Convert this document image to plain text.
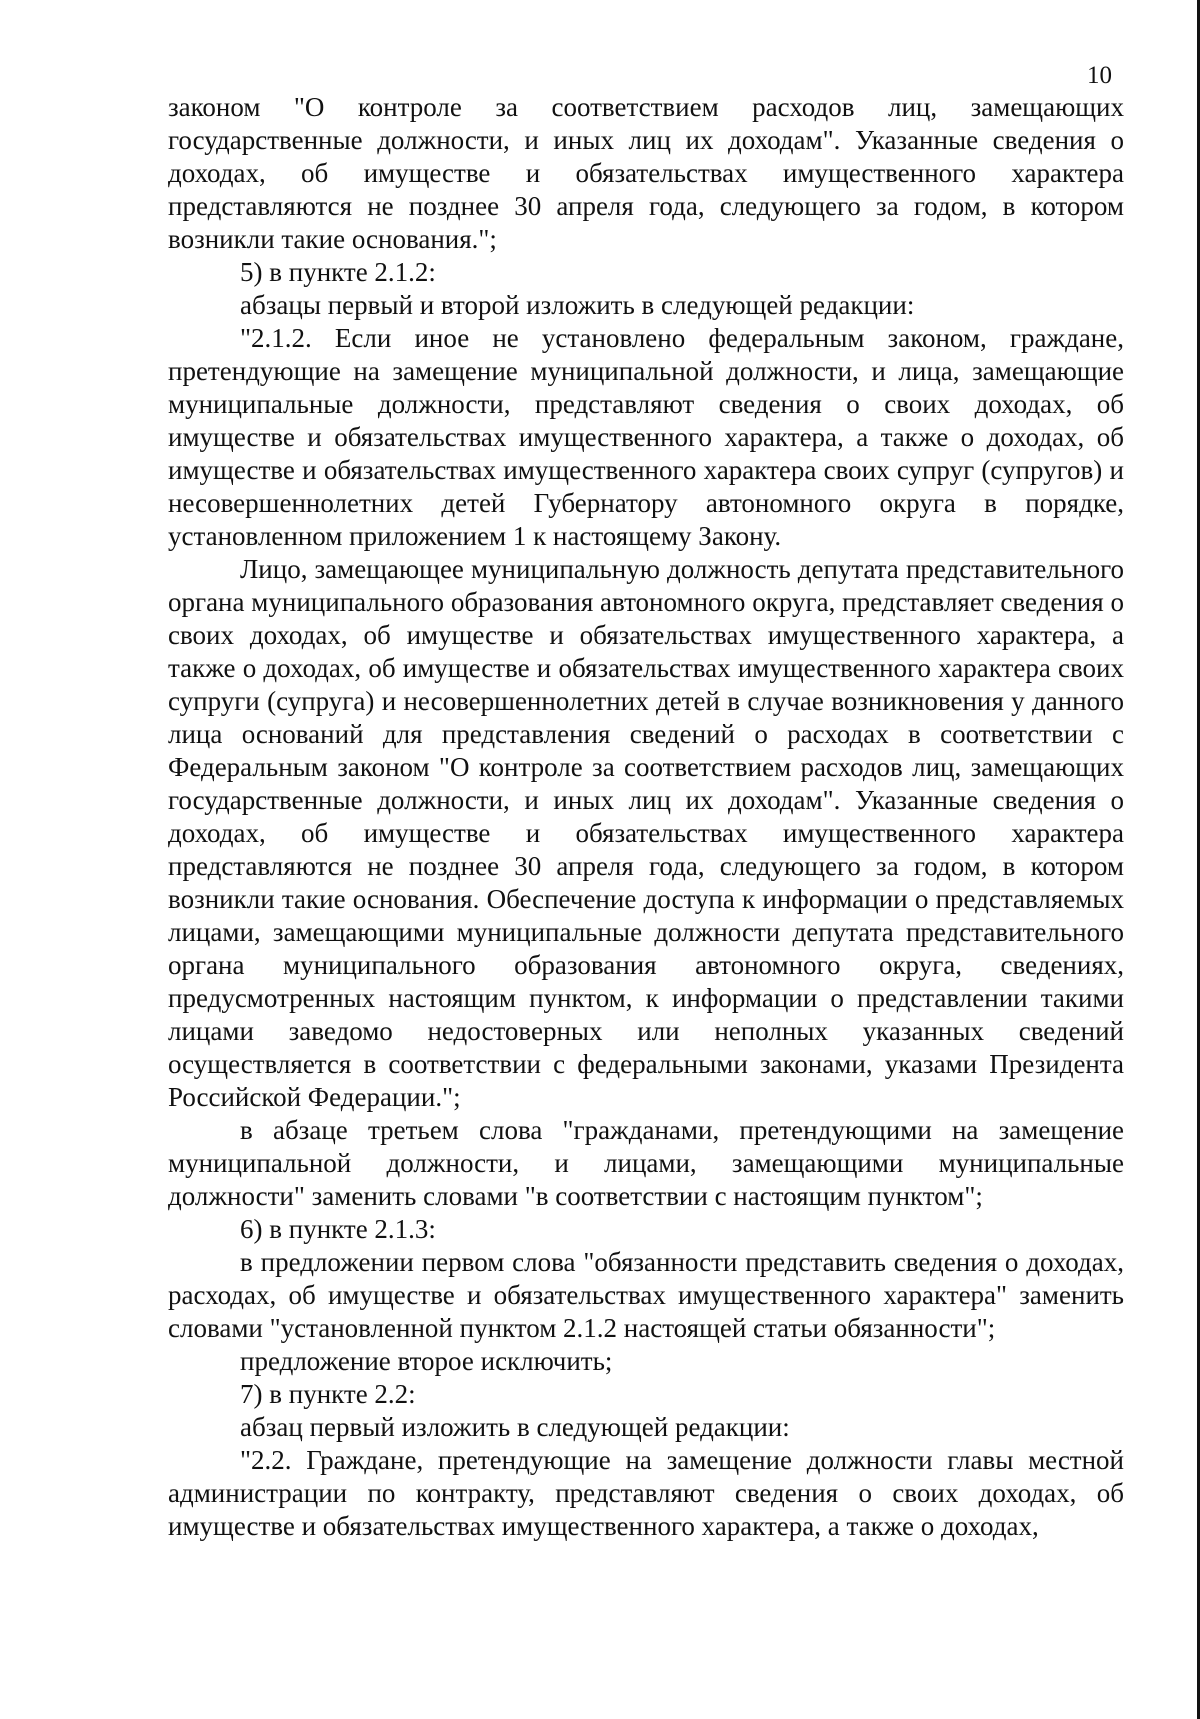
10

законом "О контроле за соответствием расходов лиц, замещающих государственные должности, и иных лиц их доходам". Указанные сведения о доходах, об имуществе и обязательствах имущественного характера представляются не позднее 30 апреля года, следующего за годом, в котором возникли такие основания.";

5) в пункте 2.1.2:

абзацы первый и второй изложить в следующей редакции:

"2.1.2. Если иное не установлено федеральным законом, граждане, претендующие на замещение муниципальной должности, и лица, замещающие муниципальные должности, представляют сведения о своих доходах, об имуществе и обязательствах имущественного характера, а также о доходах, об имуществе и обязательствах имущественного характера своих супруг (супругов) и несовершеннолетних детей Губернатору автономного округа в порядке, установленном приложением 1 к настоящему Закону.

Лицо, замещающее муниципальную должность депутата представительного органа муниципального образования автономного округа, представляет сведения о своих доходах, об имуществе и обязательствах имущественного характера, а также о доходах, об имуществе и обязательствах имущественного характера своих супруги (супруга) и несовершеннолетних детей в случае возникновения у данного лица оснований для представления сведений о расходах в соответствии с Федеральным законом "О контроле за соответствием расходов лиц, замещающих государственные должности, и иных лиц их доходам". Указанные сведения о доходах, об имуществе и обязательствах имущественного характера представляются не позднее 30 апреля года, следующего за годом, в котором возникли такие основания. Обеспечение доступа к информации о представляемых лицами, замещающими муниципальные должности депутата представительного органа муниципального образования автономного округа, сведениях, предусмотренных настоящим пунктом, к информации о представлении такими лицами заведомо недостоверных или неполных указанных сведений осуществляется в соответствии с федеральными законами, указами Президента Российской Федерации.";

в абзаце третьем слова "гражданами, претендующими на замещение муниципальной должности, и лицами, замещающими муниципальные должности" заменить словами "в соответствии с настоящим пунктом";

6) в пункте 2.1.3:

в предложении первом слова "обязанности представить сведения о доходах, расходах, об имуществе и обязательствах имущественного характера" заменить словами "установленной пунктом 2.1.2 настоящей статьи обязанности";

предложение второе исключить;

7) в пункте 2.2:

абзац первый изложить в следующей редакции:

"2.2. Граждане, претендующие на замещение должности главы местной администрации по контракту, представляют сведения о своих доходах, об имуществе и обязательствах имущественного характера, а также о доходах,
